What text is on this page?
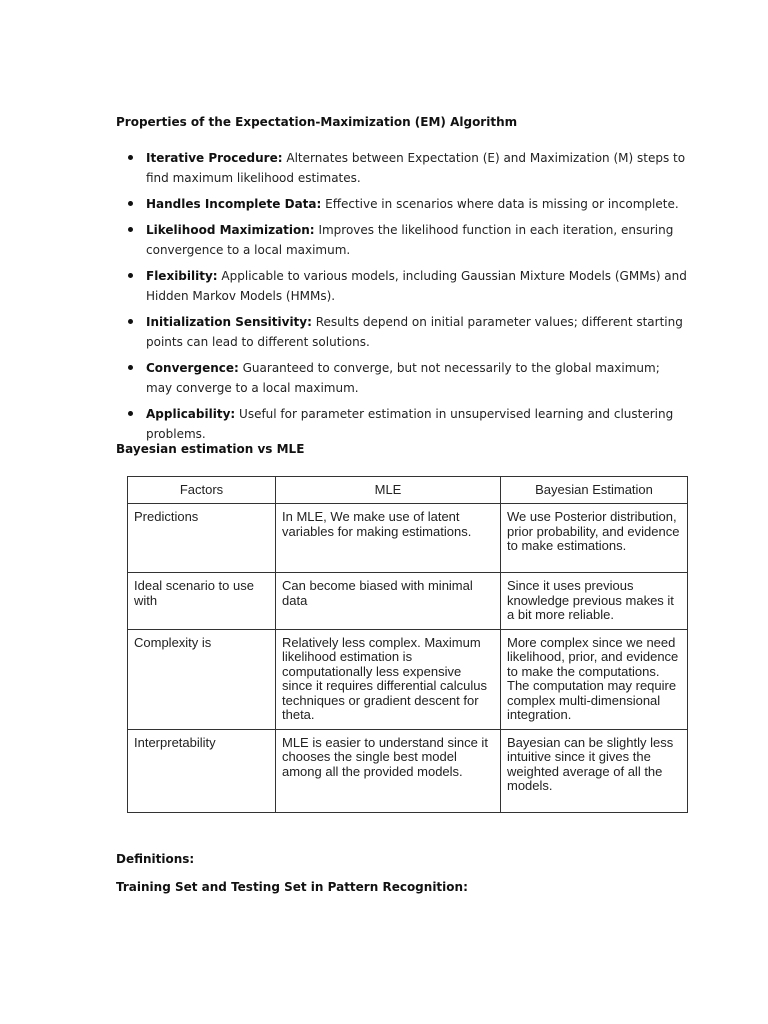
Properties of the Expectation-Maximization (EM) Algorithm
Iterative Procedure: Alternates between Expectation (E) and Maximization (M) steps to find maximum likelihood estimates.
Handles Incomplete Data: Effective in scenarios where data is missing or incomplete.
Likelihood Maximization: Improves the likelihood function in each iteration, ensuring convergence to a local maximum.
Flexibility: Applicable to various models, including Gaussian Mixture Models (GMMs) and Hidden Markov Models (HMMs).
Initialization Sensitivity: Results depend on initial parameter values; different starting points can lead to different solutions.
Convergence: Guaranteed to converge, but not necessarily to the global maximum; may converge to a local maximum.
Applicability: Useful for parameter estimation in unsupervised learning and clustering problems.
Bayesian estimation vs MLE
Factors	MLE	Bayesian Estimation
Predictions	In MLE, We make use of latent variables for making estimations.	We use Posterior distribution, prior probability, and evidence to make estimations.
Ideal scenario to use with	Can become biased with minimal data	Since it uses previous knowledge previous makes it a bit more reliable.
Complexity is	Relatively less complex. Maximum likelihood estimation is computationally less expensive since it requires differential calculus techniques or gradient descent for theta.	More complex since we need likelihood, prior, and evidence to make the computations. The computation may require complex multi-dimensional integration.
Interpretability	MLE is easier to understand since it chooses the single best model among all the provided models.	Bayesian can be slightly less intuitive since it gives the weighted average of all the models.
Definitions:
Training Set and Testing Set in Pattern Recognition:
